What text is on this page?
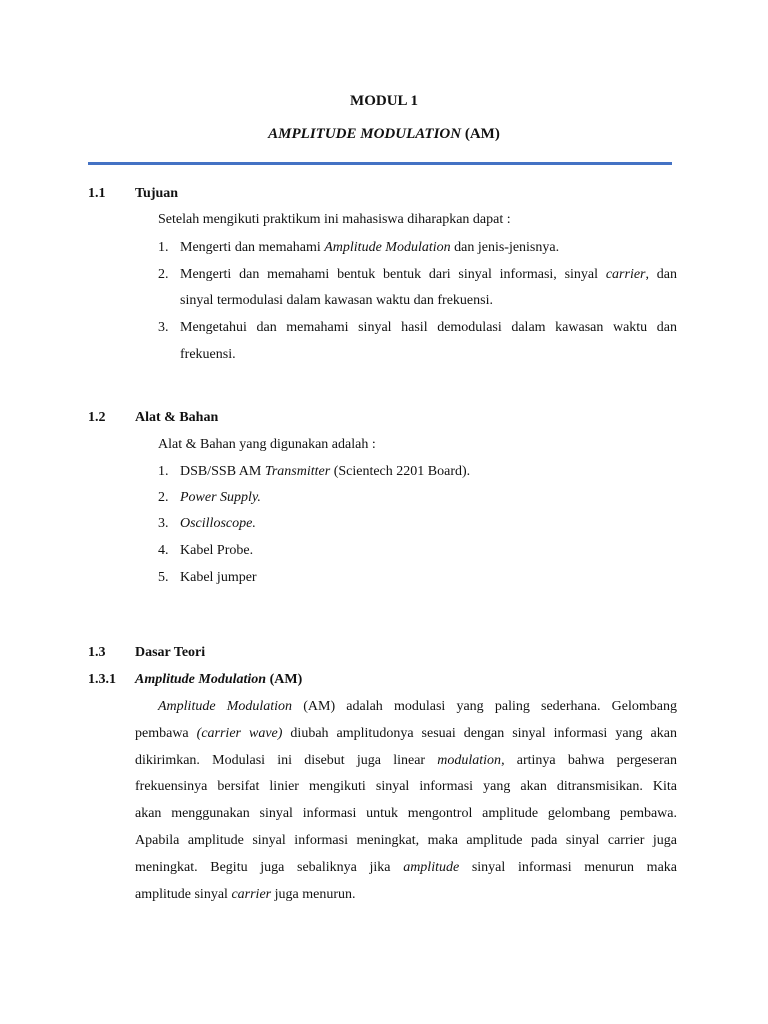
MODUL 1
AMPLITUDE MODULATION (AM)
1.1 Tujuan

Setelah mengikuti praktikum ini mahasiswa diharapkan dapat :

1. Mengerti dan memahami Amplitude Modulation dan jenis-jenisnya.
2. Mengerti dan memahami bentuk bentuk dari sinyal informasi, sinyal carrier, dan

sinyal termodulasi dalam kawasan waktu dan frekuensi.

3. Mengetahui dan memahami sinyal hasil demodulasi dalam kawasan waktu dan

frekuensi.

1.2 Alat & Bahan

Alat & Bahan yang digunakan adalah :

1. DSB/SSB AM Transmitter (Scientech 2201 Board).
2. Power Supply.
3. Oscilloscope.
4. Kabel Probe.
5. Kabel jumper
1.3 Dasar Teori
1.3.1 Amplitude Modulation (AM)

Amplitude Modulation (AM) adalah modulasi yang paling sederhana. Gelombang

pembawa (carrier wave) diubah amplitudonya sesuai dengan sinyal informasi yang akan

dikirimkan. Modulasi ini disebut juga linear modulation, artinya bahwa pergeseran

frekuensinya bersifat linier mengikuti sinyal informasi yang akan ditransmisikan. Kita

akan menggunakan sinyal informasi untuk mengontrol amplitude gelombang pembawa.

Apabila amplitude sinyal informasi meningkat, maka amplitude pada sinyal carrier juga

meningkat. Begitu juga sebaliknya jika amplitude sinyal informasi menurun maka

amplitude sinyal carrier juga menurun.
